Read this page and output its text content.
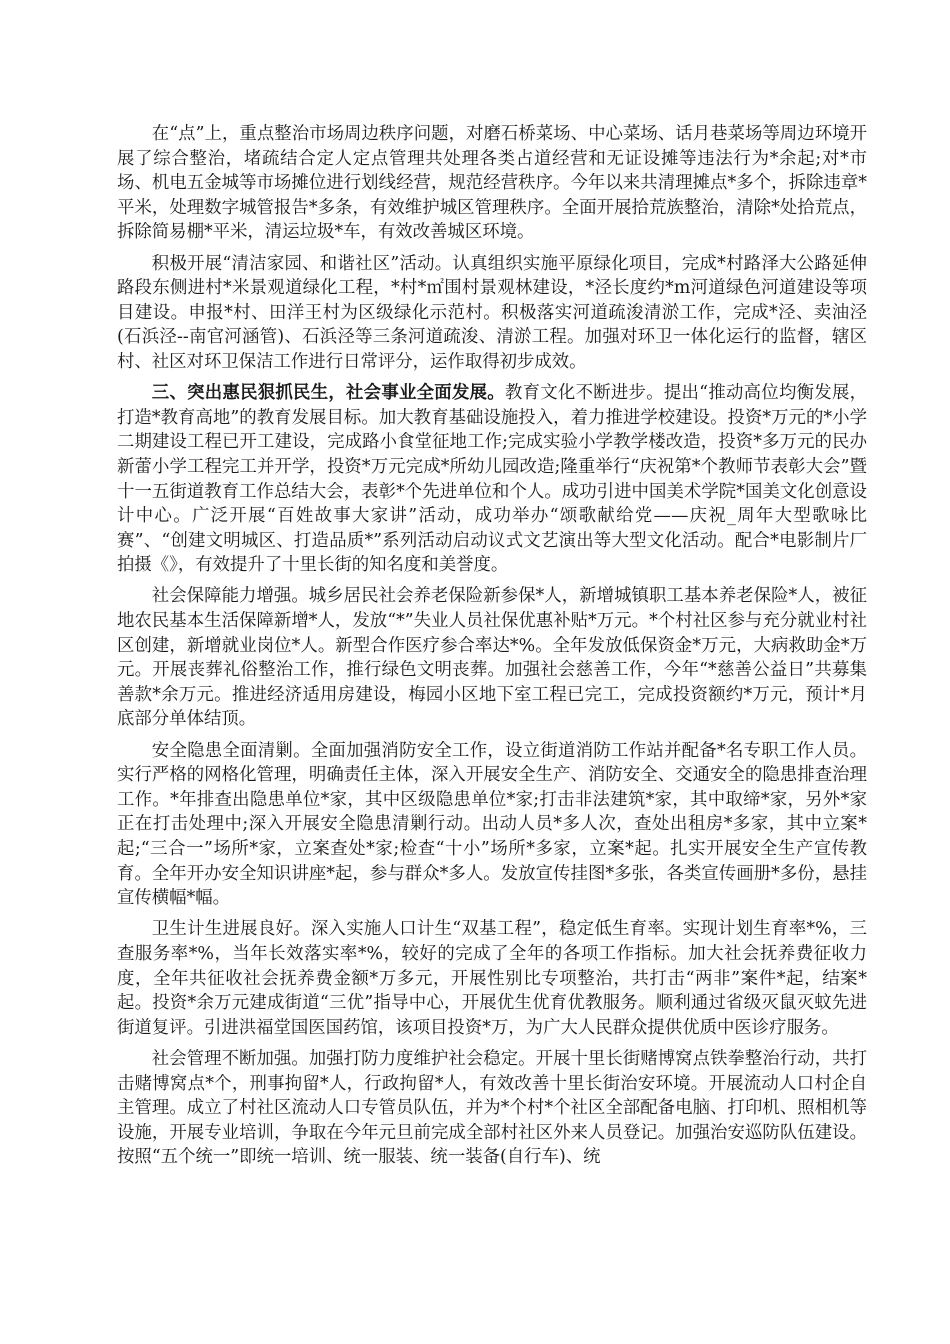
在“点”上，重点整治市场周边秩序问题，对磨石桥菜场、中心菜场、话月巷菜场等周边环境开展了综合整治，堵疏结合定人定点管理共处理各类占道经营和无证设摊等违法行为*余起;对*市场、机电五金城等市场摊位进行划线经营，规范经营秩序。今年以来共清理摊点*多个，拆除违章*平米，处理数字城管报告*多条，有效维护城区管理秩序。全面开展拾荒族整治，清除*处拾荒点，拆除简易棚*平米，清运垃圾*车，有效改善城区环境。

积极开展“清洁家园、和谐社区”活动。认真组织实施平原绿化项目，完成*村路泽大公路延伸路段东侧进村*米景观道绿化工程，*村*㎡围村景观林建设，*泾长度约*m河道绿色河道建设等项目建设。申报*村、田洋王村为区级绿化示范村。积极落实河道疏浚清淤工作，完成*泾、卖油泾(石浜泾--南官河涵管)、石浜泾等三条河道疏浚、清淤工程。加强对环卫一体化运行的监督，辖区村、社区对环卫保洁工作进行日常评分，运作取得初步成效。

三、突出惠民狠抓民生，社会事业全面发展。教育文化不断进步。提出“推动高位均衡发展，打造*教育高地”的教育发展目标。加大教育基础设施投入，着力推进学校建设。投资*万元的*小学二期建设工程已开工建设，完成路小食堂征地工作;完成实验小学教学楼改造，投资*多万元的民办新蕾小学工程完工并开学，投资*万元完成*所幼儿园改造;隆重举行“庆祝第*个教师节表彰大会”暨十一五街道教育工作总结大会，表彰*个先进单位和个人。成功引进中国美术学院*国美文化创意设计中心。广泛开展“百姓故事大家讲”活动，成功举办“颂歌献给党——庆祝_周年大型歌咏比赛”、“创建文明城区、打造品质*”系列活动启动议式文艺演出等大型文化活动。配合*电影制片厂拍摄《》，有效提升了十里长街的知名度和美誉度。

社会保障能力增强。城乡居民社会养老保险新参保*人，新增城镇职工基本养老保险*人，被征地农民基本生活保障新增*人，发放“*”失业人员社保优惠补贴*万元。*个村社区参与充分就业村社区创建，新增就业岗位*人。新型合作医疗参合率达*%。全年发放低保资金*万元，大病救助金*万元。开展丧葬礼俗整治工作，推行绿色文明丧葬。加强社会慈善工作，今年“*慈善公益日”共募集善款*余万元。推进经济适用房建设，梅园小区地下室工程已完工，完成投资额约*万元，预计*月底部分单体结顶。

安全隐患全面清剿。全面加强消防安全工作，设立街道消防工作站并配备*名专职工作人员。实行严格的网格化管理，明确责任主体，深入开展安全生产、消防安全、交通安全的隐患排查治理工作。*年排查出隐患单位*家，其中区级隐患单位*家;打击非法建筑*家，其中取缔*家，另外*家正在打击处理中;深入开展安全隐患清剿行动。出动人员*多人次，查处出租房*多家，其中立案*起;“三合一”场所*家，立案查处*家;检查“十小”场所*多家，立案*起。扎实开展安全生产宣传教育。全年开办安全知识讲座*起，参与群众*多人。发放宣传挂图*多张，各类宣传画册*多份，悬挂宣传横幅*幅。

卫生计生进展良好。深入实施人口计生“双基工程”，稳定低生育率。实现计划生育率*%，三查服务率*%，当年长效落实率*%，较好的完成了全年的各项工作指标。加大社会抚养费征收力度，全年共征收社会抚养费金额*万多元，开展性别比专项整治，共打击“两非”案件*起，结案*起。投资*余万元建成街道“三优”指导中心，开展优生优育优教服务。顺利通过省级灭鼠灭蚊先进街道复评。引进洪福堂国医国药馆，该项目投资*万，为广大人民群众提供优质中医诊疗服务。

社会管理不断加强。加强打防力度维护社会稳定。开展十里长街赌博窝点铁拳整治行动，共打击赌博窝点*个，刑事拘留*人，行政拘留*人，有效改善十里长街治安环境。开展流动人口村企自主管理。成立了村社区流动人口专管员队伍，并为*个村*个社区全部配备电脑、打印机、照相机等设施，开展专业培训，争取在今年元旦前完成全部村社区外来人员登记。加强治安巡防队伍建设。按照“五个统一”即统一培训、统一服装、统一装备(自行车)、统
